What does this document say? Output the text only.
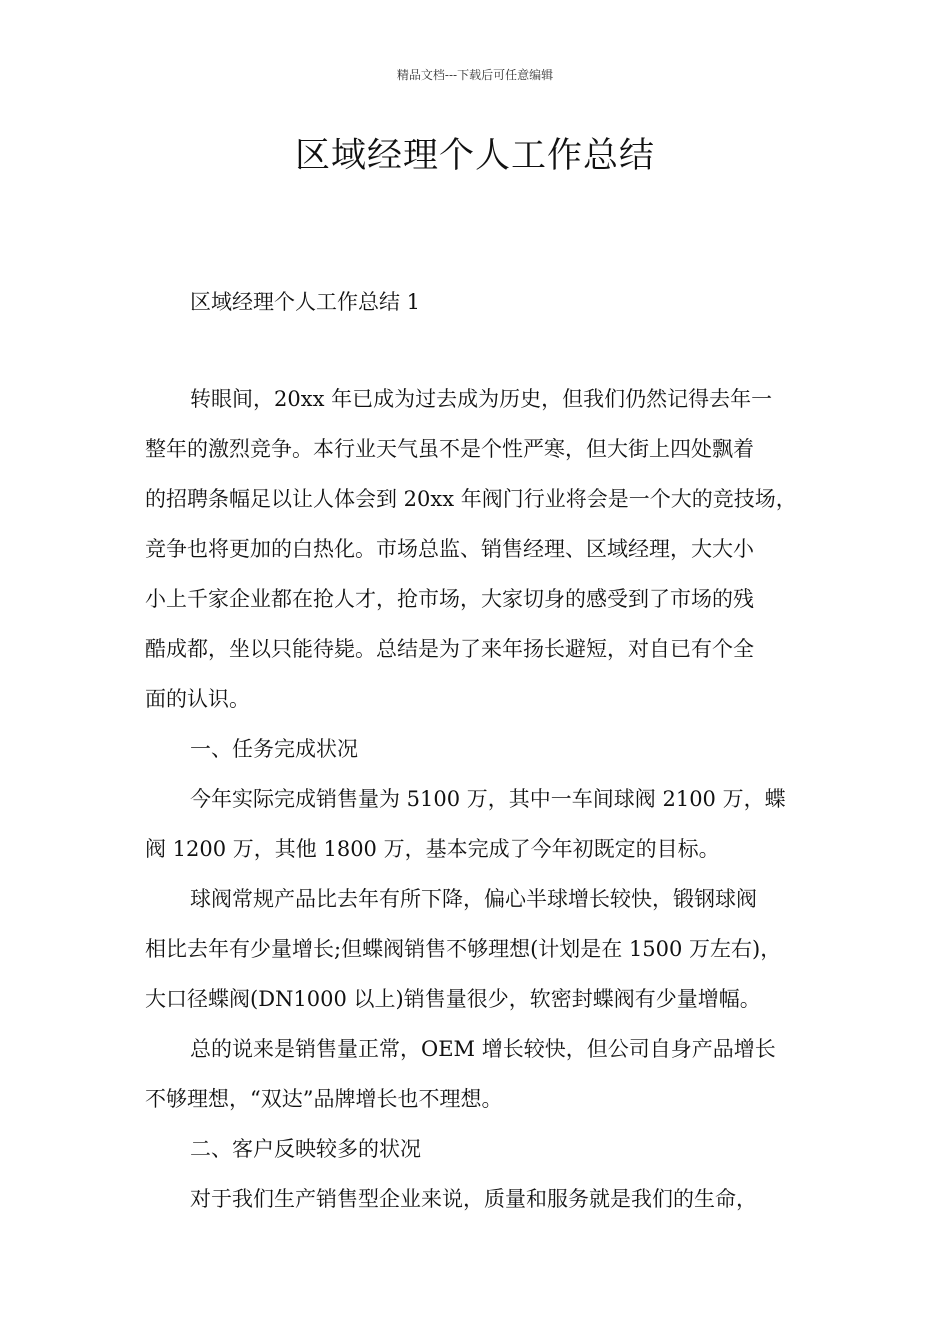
精品文档---下载后可任意编辑
区域经理个人工作总结
区域经理个人工作总结 1
转眼间，20xx 年已成为过去成为历史，但我们仍然记得去年一
整年的激烈竞争。本行业天气虽不是个性严寒，但大街上四处飘着
的招聘条幅足以让人体会到 20xx 年阀门行业将会是一个大的竞技场，
竞争也将更加的白热化。市场总监、销售经理、区域经理，大大小
小上千家企业都在抢人才，抢市场，大家切身的感受到了市场的残
酷成都，坐以只能待毙。总结是为了来年扬长避短，对自已有个全
面的认识。
一、任务完成状况
今年实际完成销售量为 5100 万，其中一车间球阀 2100 万，蝶
阀 1200 万，其他 1800 万，基本完成了今年初既定的目标。
球阀常规产品比去年有所下降，偏心半球增长较快，锻钢球阀
相比去年有少量增长;但蝶阀销售不够理想(计划是在 1500 万左右)，
大口径蝶阀(DN1000 以上)销售量很少，软密封蝶阀有少量增幅。
总的说来是销售量正常，OEM 增长较快，但公司自身产品增长
不够理想，“双达”品牌增长也不理想。
二、客户反映较多的状况
对于我们生产销售型企业来说，质量和服务就是我们的生命，
